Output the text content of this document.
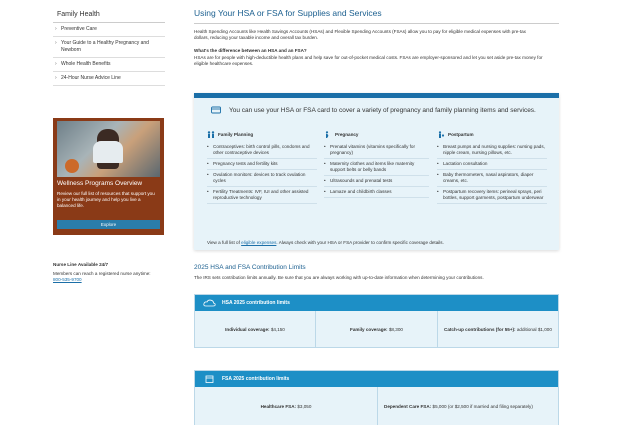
Family Health
› Preventive Care
› Your Guide to a Healthy Pregnancy and Newborn
› Whole Health Benefits
› 24-Hour Nurse Advice Line
Wellness Programs Overview
Review our full list of resources that support you in your health journey and help you live a balanced life.
Explore
Nurse Line Available 24/7
Members can reach a registered nurse anytime: 800-535-9700
Using Your HSA or FSA for Supplies and Services
Health Spending Accounts like Health Savings Accounts (HSAs) and Flexible Spending Accounts (FSAs) allow you to pay for eligible medical expenses with pre-tax dollars, reducing your taxable income and overall tax burden.
What's the difference between an HSA and an FSA?
HSAs are for people with high-deductible health plans and help save for out-of-pocket medical costs. FSAs are employer-sponsored and let you set aside pre-tax money for eligible healthcare expenses.
You can use your HSA or FSA card to cover a variety of pregnancy and family planning items and services.
Family Planning
• Contraceptives: birth control pills, condoms and other contraceptive devices
• Pregnancy tests and fertility kits
• Ovulation monitors: devices to track ovulation cycles
• Fertility Treatments: IVF, IUI and other assisted reproductive technology
Pregnancy
• Prenatal vitamins (vitamins specifically for pregnancy)
• Maternity clothes and items like maternity support belts or belly bands
• Ultrasounds and prenatal tests
• Lamaze and childbirth classes
Postpartum
• Breast pumps and nursing supplies: nursing pads, nipple cream, nursing pillows, etc.
• Lactation consultation
• Baby thermometers, nasal aspirators, diaper creams, etc.
• Postpartum recovery items: perineal sprays, peri bottles, support garments, postpartum underwear
View a full list of eligible expenses. Always check with your HSA or FSA provider to confirm specific coverage details.
2025 HSA and FSA Contribution Limits
The IRS sets contribution limits annually. Be sure that you are always working with up-to-date information when determining your contributions.
HSA 2025 contribution limits
Individual coverage: $4,150	Family coverage: $8,300	Catch-up contributions (for 55+): additional $1,000
FSA 2025 contribution limits
Healthcare FSA: $3,050	Dependent Care FSA: $5,000 (or $2,500 if married and filing separately)
